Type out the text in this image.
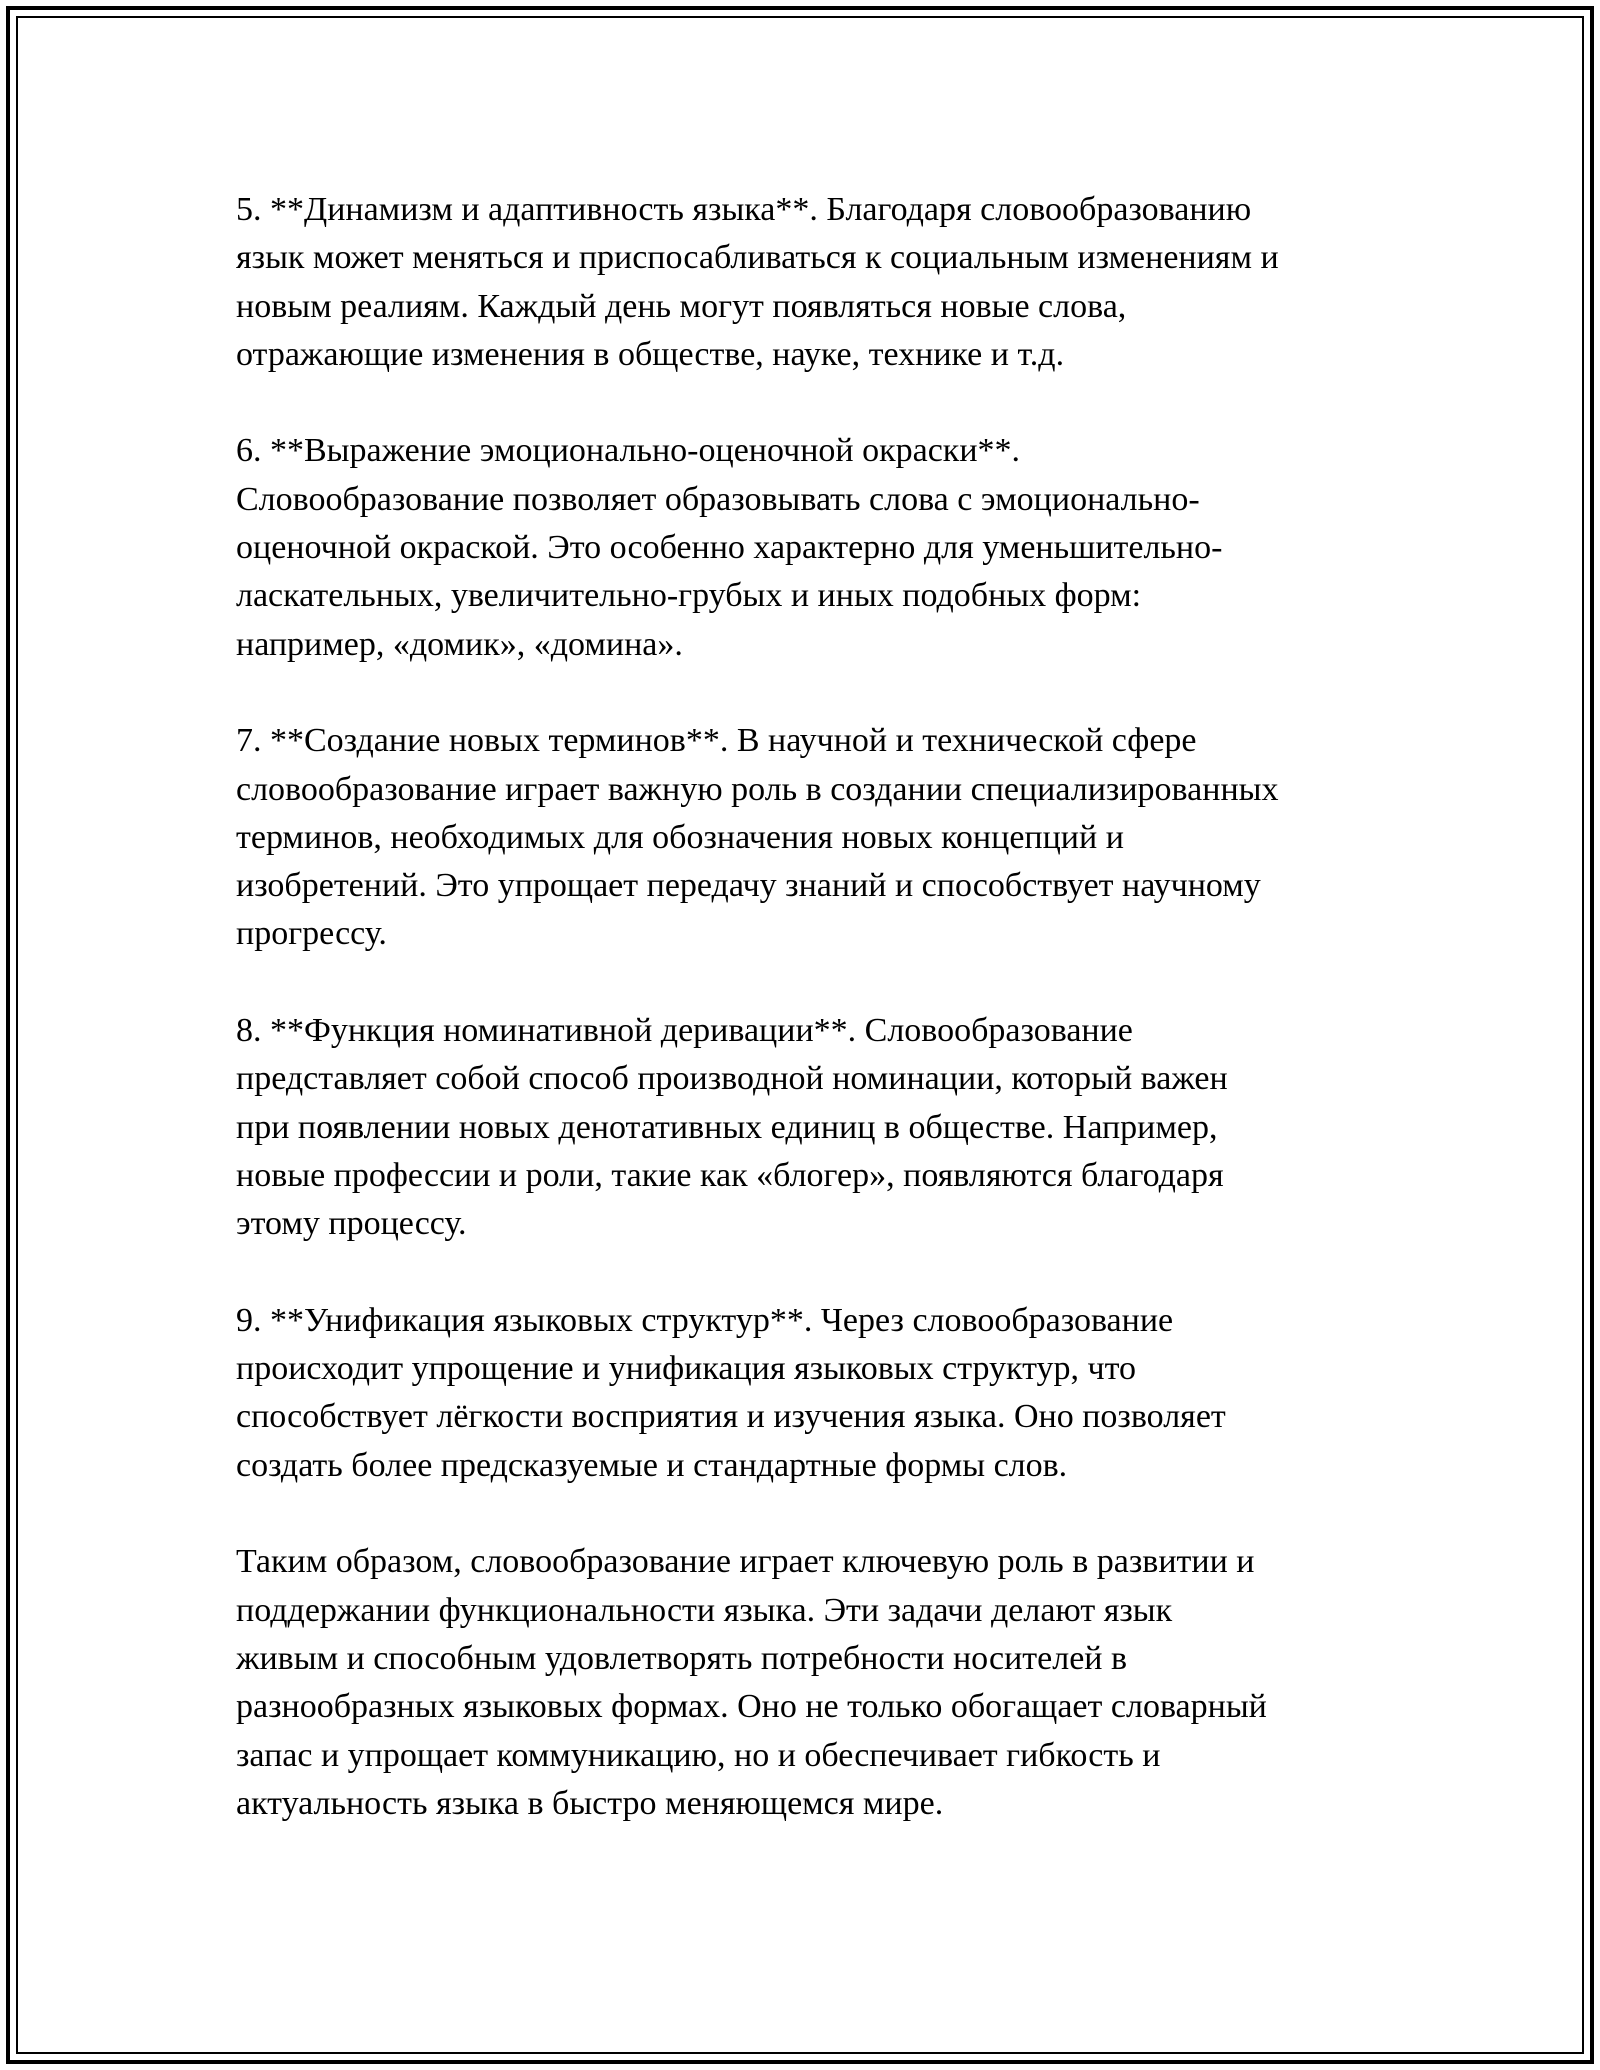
5. **Динамизм и адаптивность языка**. Благодаря словообразованию
язык может меняться и приспосабливаться к социальным изменениям и
новым реалиям. Каждый день могут появляться новые слова,
отражающие изменения в обществе, науке, технике и т.д.
6. **Выражение эмоционально-оценочной окраски**.
Словообразование позволяет образовывать слова с эмоционально-
оценочной окраской. Это особенно характерно для уменьшительно-
ласкательных, увеличительно-грубых и иных подобных форм:
например, «домик», «домина».
7. **Создание новых терминов**. В научной и технической сфере
словообразование играет важную роль в создании специализированных
терминов, необходимых для обозначения новых концепций и
изобретений. Это упрощает передачу знаний и способствует научному
прогрессу.
8. **Функция номинативной деривации**. Словообразование
представляет собой способ производной номинации, который важен
при появлении новых денотативных единиц в обществе. Например,
новые профессии и роли, такие как «блогер», появляются благодаря
этому процессу.
9. **Унификация языковых структур**. Через словообразование
происходит упрощение и унификация языковых структур, что
способствует лёгкости восприятия и изучения языка. Оно позволяет
создать более предсказуемые и стандартные формы слов.
Таким образом, словообразование играет ключевую роль в развитии и
поддержании функциональности языка. Эти задачи делают язык
живым и способным удовлетворять потребности носителей в
разнообразных языковых формах. Оно не только обогащает словарный
запас и упрощает коммуникацию, но и обеспечивает гибкость и
актуальность языка в быстро меняющемся мире.
